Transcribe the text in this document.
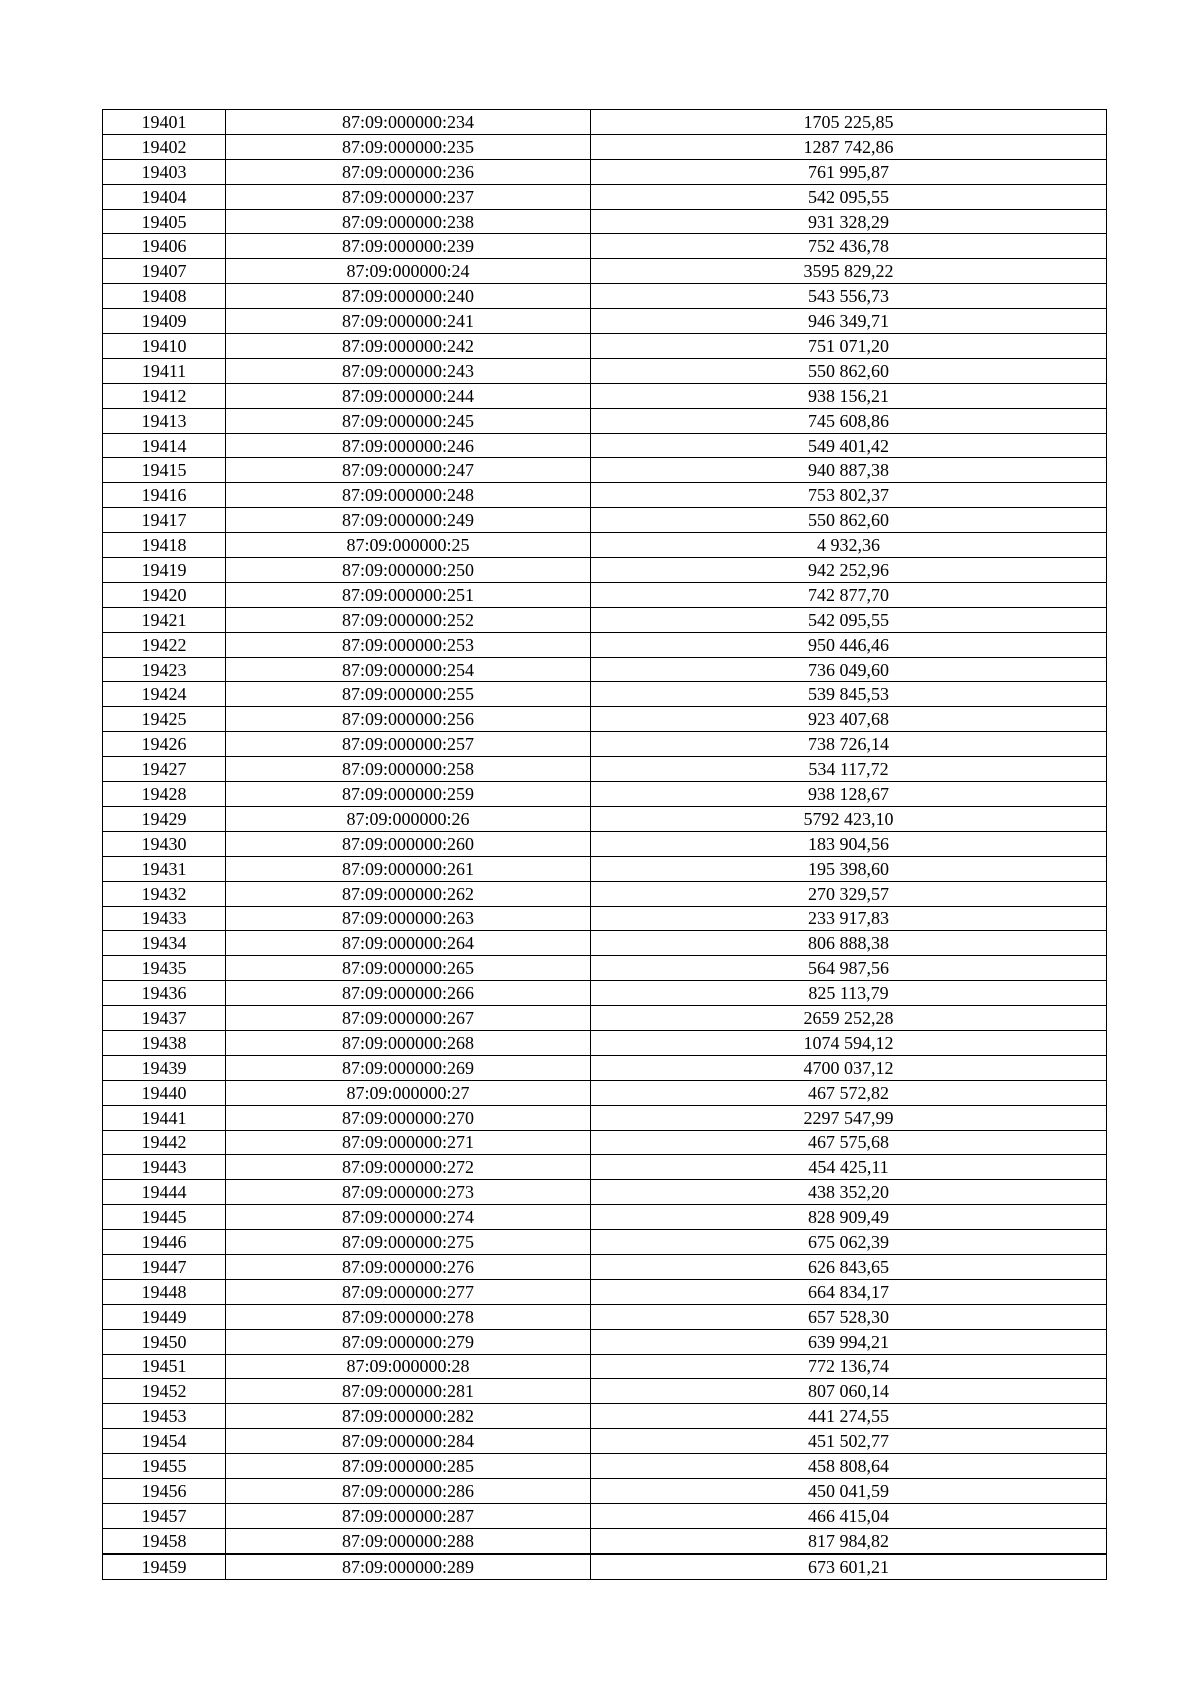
19401	87:09:000000:234	1705 225,85
19402	87:09:000000:235	1287 742,86
19403	87:09:000000:236	761 995,87
19404	87:09:000000:237	542 095,55
19405	87:09:000000:238	931 328,29
19406	87:09:000000:239	752 436,78
19407	87:09:000000:24	3595 829,22
19408	87:09:000000:240	543 556,73
19409	87:09:000000:241	946 349,71
19410	87:09:000000:242	751 071,20
19411	87:09:000000:243	550 862,60
19412	87:09:000000:244	938 156,21
19413	87:09:000000:245	745 608,86
19414	87:09:000000:246	549 401,42
19415	87:09:000000:247	940 887,38
19416	87:09:000000:248	753 802,37
19417	87:09:000000:249	550 862,60
19418	87:09:000000:25	4 932,36
19419	87:09:000000:250	942 252,96
19420	87:09:000000:251	742 877,70
19421	87:09:000000:252	542 095,55
19422	87:09:000000:253	950 446,46
19423	87:09:000000:254	736 049,60
19424	87:09:000000:255	539 845,53
19425	87:09:000000:256	923 407,68
19426	87:09:000000:257	738 726,14
19427	87:09:000000:258	534 117,72
19428	87:09:000000:259	938 128,67
19429	87:09:000000:26	5792 423,10
19430	87:09:000000:260	183 904,56
19431	87:09:000000:261	195 398,60
19432	87:09:000000:262	270 329,57
19433	87:09:000000:263	233 917,83
19434	87:09:000000:264	806 888,38
19435	87:09:000000:265	564 987,56
19436	87:09:000000:266	825 113,79
19437	87:09:000000:267	2659 252,28
19438	87:09:000000:268	1074 594,12
19439	87:09:000000:269	4700 037,12
19440	87:09:000000:27	467 572,82
19441	87:09:000000:270	2297 547,99
19442	87:09:000000:271	467 575,68
19443	87:09:000000:272	454 425,11
19444	87:09:000000:273	438 352,20
19445	87:09:000000:274	828 909,49
19446	87:09:000000:275	675 062,39
19447	87:09:000000:276	626 843,65
19448	87:09:000000:277	664 834,17
19449	87:09:000000:278	657 528,30
19450	87:09:000000:279	639 994,21
19451	87:09:000000:28	772 136,74
19452	87:09:000000:281	807 060,14
19453	87:09:000000:282	441 274,55
19454	87:09:000000:284	451 502,77
19455	87:09:000000:285	458 808,64
19456	87:09:000000:286	450 041,59
19457	87:09:000000:287	466 415,04
19458	87:09:000000:288	817 984,82
19459	87:09:000000:289	673 601,21
